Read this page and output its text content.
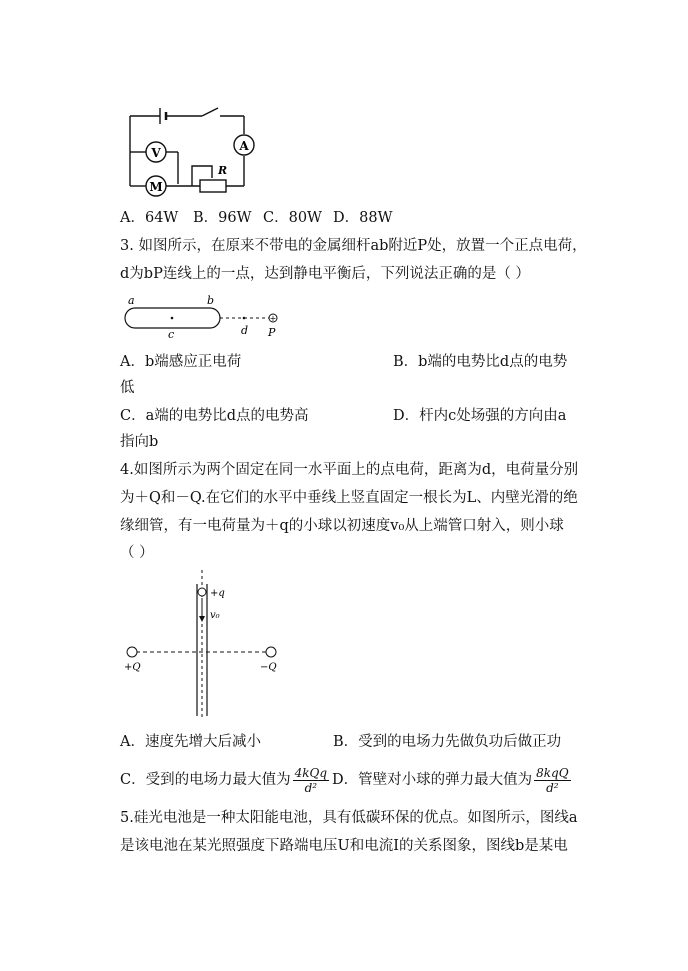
V
M
A
R
A．64W B．96W C．80W D．88W
3. 如图所示，在原来不带电的金属细杆ab附近P处，放置一个正点电荷，
d为bP连线上的一点，达到静电平衡后，下列说法正确的是（ ）
+
a	b
c	d P
A．b端感应正电荷	B．b端的电势比d点的电势
低
C．a端的电势比d点的电势高	D．杆内c处场强的方向由a
指向b
4.如图所示为两个固定在同一水平面上的点电荷，距离为d，电荷量分别
为＋Q和－Q.在它们的水平中垂线上竖直固定一根长为L、内壁光滑的绝
缘细管，有一电荷量为＋q的小球以初速度v₀从上端管口射入，则小球
（ ）
+q
v₀
+Q	−Q
A．速度先增大后减小	B．受到的电场力先做负功后做正功
C．受到的电场力最大值为 $\frac{\text{4kQq}}{\text{d²}}$ D．管壁对小球的弹力最大值为 $\frac{\text{8kqQ}}{\text{d²}}$
5.硅光电池是一种太阳能电池，具有低碳环保的优点。如图所示，图线a
是该电池在某光照强度下路端电压U和电流I的关系图象，图线b是某电
